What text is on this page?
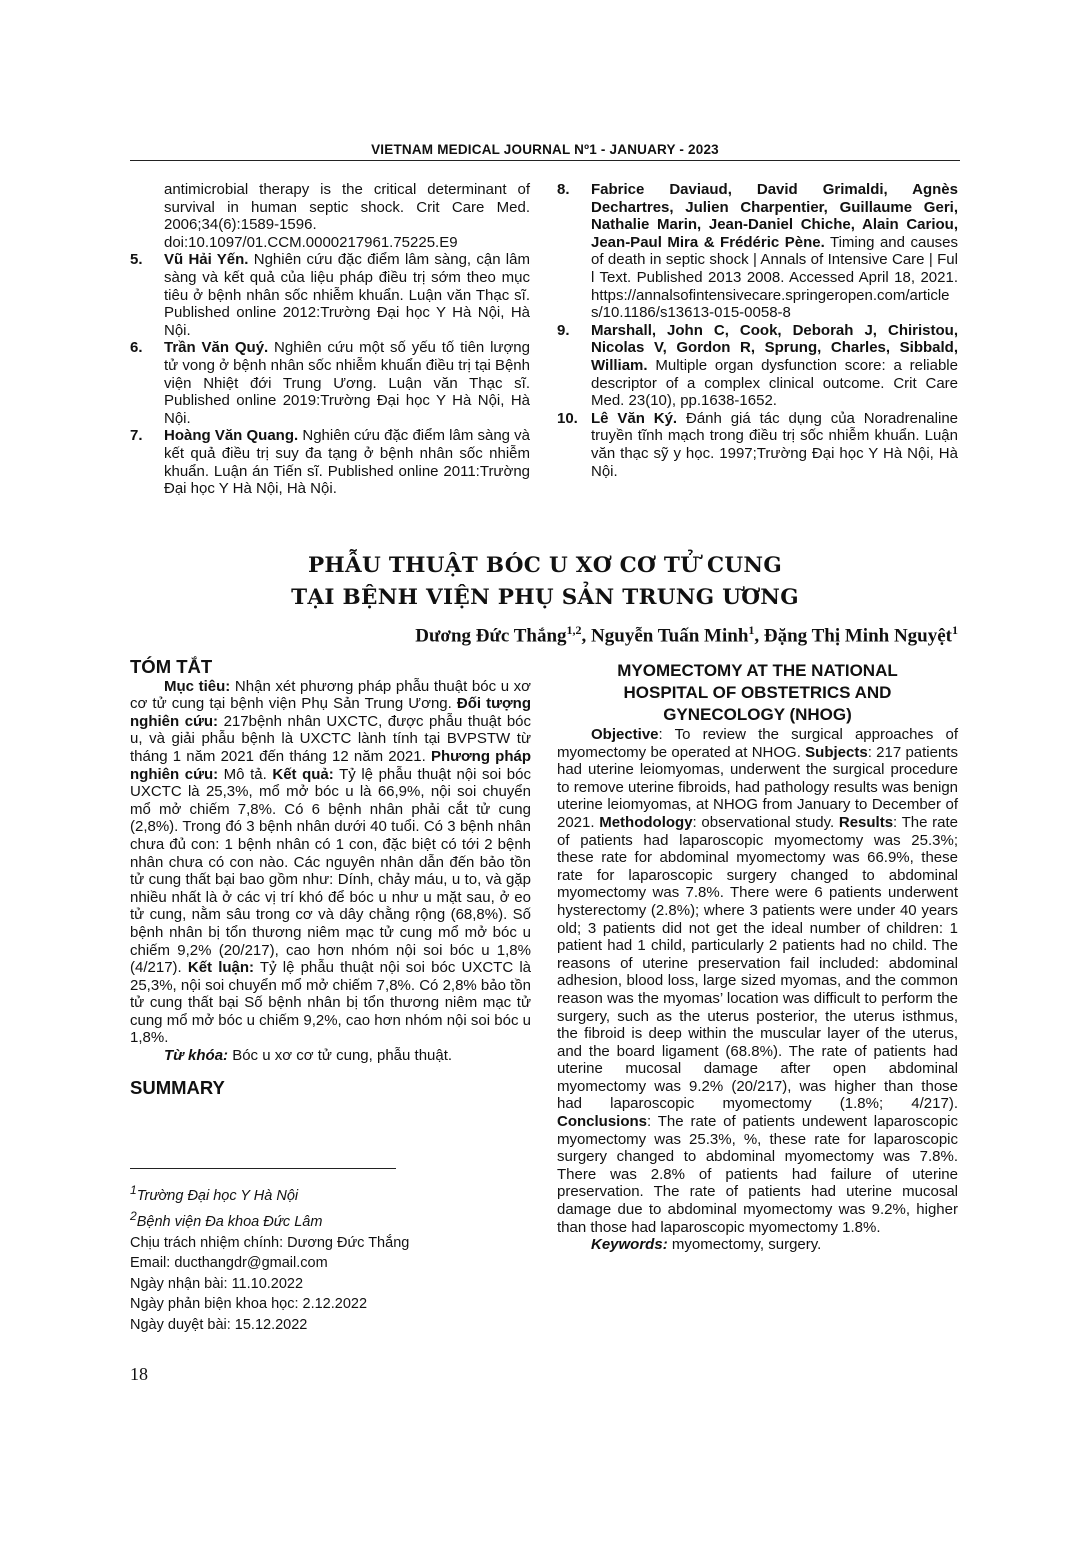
VIETNAM MEDICAL JOURNAL Nº1 - JANUARY - 2023
antimicrobial therapy is the critical determinant of survival in human septic shock. Crit Care Med. 2006;34(6):1589-1596. doi:10.1097/01.CCM.0000217961.75225.E9
5. Vũ Hải Yến. Nghiên cứu đặc điểm lâm sàng, cận lâm sàng và kết quả của liệu pháp điều trị sớm theo mục tiêu ở bệnh nhân sốc nhiễm khuẩn. Luận văn Thạc sĩ. Published online 2012:Trường Đại học Y Hà Nội, Hà Nội.
6. Trần Văn Quý. Nghiên cứu một số yếu tố tiên lượng tử vong ở bệnh nhân sốc nhiễm khuẩn điều trị tại Bệnh viện Nhiệt đới Trung Ương. Luận văn Thạc sĩ. Published online 2019:Trường Đại học Y Hà Nội, Hà Nội.
7. Hoàng Văn Quang. Nghiên cứu đặc điểm lâm sàng và kết quả điều trị suy đa tạng ở bệnh nhân sốc nhiễm khuẩn. Luận án Tiến sĩ. Published online 2011:Trường Đại học Y Hà Nội, Hà Nội.
8. Fabrice Daviaud, David Grimaldi, Agnès Dechartres, Julien Charpentier, Guillaume Geri, Nathalie Marin, Jean-Daniel Chiche, Alain Cariou, Jean-Paul Mira & Frédéric Pène. Timing and causes of death in septic shock | Annals of Intensive Care | Full Text. Published 2013 2008. Accessed April 18, 2021. https://annalsofintensivecare.springeropen.com/articles/10.1186/s13613-015-0058-8
9. Marshall, John C, Cook, Deborah J, Chiristou, Nicolas V, Gordon R, Sprung, Charles, Sibbald, William. Multiple organ dysfunction score: a reliable descriptor of a complex clinical outcome. Crit Care Med. 23(10), pp.1638-1652.
10. Lê Văn Ký. Đánh giá tác dụng của Noradrenaline truyền tĩnh mạch trong điều trị sốc nhiễm khuẩn. Luận văn thạc sỹ y học. 1997;Trường Đại học Y Hà Nội, Hà Nội.
PHẪU THUẬT BÓC U XƠ CƠ TỬ CUNG
TẠI BỆNH VIỆN PHỤ SẢN TRUNG ƯƠNG
Dương Đức Thắng$^{1,2}$, Nguyễn Tuấn Minh$^1$, Đặng Thị Minh Nguyệt$^1$
TÓM TẮT

Mục tiêu: Nhận xét phương pháp phẫu thuật bóc u xơ cơ tử cung tại bệnh viện Phụ Sản Trung Ương. Đối tượng nghiên cứu: 217bệnh nhân UXCTC, được phẫu thuật bóc u, và giải phẫu bệnh là UXCTC lành tính tại BVPSTW từ tháng 1 năm 2021 đến tháng 12 năm 2021. Phương pháp nghiên cứu: Mô tả. Kết quả: Tỷ lệ phẫu thuật nội soi bóc UXCTC là 25,3%, mổ mở bóc u là 66,9%, nội soi chuyển mổ mở chiếm 7,8%. Có 6 bệnh nhân phải cắt tử cung (2,8%). Trong đó 3 bệnh nhân dưới 40 tuổi. Có 3 bệnh nhân chưa đủ con: 1 bệnh nhân có 1 con, đặc biệt có tới 2 bệnh nhân chưa có con nào. Các nguyên nhân dẫn đến bảo tồn tử cung thất bại bao gồm như: Dính, chảy máu, u to, và gặp nhiều nhất là ở các vị trí khó để bóc u như u mặt sau, ở eo tử cung, nằm sâu trong cơ và dây chằng rộng (68,8%). Số bệnh nhân bị tổn thương niêm mạc tử cung mổ mở bóc u chiếm 9,2% (20/217), cao hơn nhóm nội soi bóc u 1,8%(4/217). Kết luận: Tỷ lệ phẫu thuật nội soi bóc UXCTC là 25,3%, nội soi chuyển mổ mở chiếm 7,8%. Có 2,8% bảo tồn tử cung thất bại Số bệnh nhân bị tổn thương niêm mạc tử cung mổ mở bóc u chiếm 9,2%, cao hơn nhóm nội soi bóc u 1,8%.

Từ khóa: Bóc u xơ cơ tử cung, phẫu thuật.

SUMMARY
MYOMECTOMY AT THE NATIONAL HOSPITAL OF OBSTETRICS AND GYNECOLOGY (NHOG)

Objective: To review the surgical approaches of myomectomy be operated at NHOG. Subjects: 217 patients had uterine leiomyomas, underwent the surgical procedure to remove uterine fibroids, had pathology results was benign uterine leiomyomas, at NHOG from January to December of 2021. Methodology: observational study. Results: The rate of patients had laparoscopic myomectomy was 25.3%; these rate for abdominal myomectomy was 66.9%, these rate for laparoscopic surgery changed to abdominal myomectomy was 7.8%. There were 6 patients underwent hysterectomy (2.8%); where 3 patients were under 40 years old; 3 patients did not get the ideal number of children: 1 patient had 1 child, particularly 2 patients had no child. The reasons of uterine preservation fail included: abdominal adhesion, blood loss, large sized myomas, and the common reason was the myomas’ location was difficult to perform the surgery, such as the uterus posterior, the uterus isthmus, the fibroid is deep within the muscular layer of the uterus, and the board ligament (68.8%). The rate of patients had uterine mucosal damage after open abdominal myomectomy was 9.2% (20/217), was higher than those had laparoscopic myomectomy (1.8%; 4/217). Conclusions: The rate of patients undewent laparoscopic myomectomy was 25.3%, %, these rate for laparoscopic surgery changed to abdominal myomectomy was 7.8%. There was 2.8% of patients had failure of uterine preservation. The rate of patients had uterine mucosal damage due to abdominal myomectomy was 9.2%, higher than those had laparoscopic myomectomy 1.8%.

Keywords: myomectomy, surgery.

$^1$Trường Đại học Y Hà Nội
$^2$Bệnh viện Đa khoa Đức Lâm
Chịu trách nhiệm chính: Dương Đức Thắng
Email: ducthangdr@gmail.com
Ngày nhận bài: 11.10.2022
Ngày phản biện khoa học: 2.12.2022
Ngày duyệt bài: 15.12.2022
18
